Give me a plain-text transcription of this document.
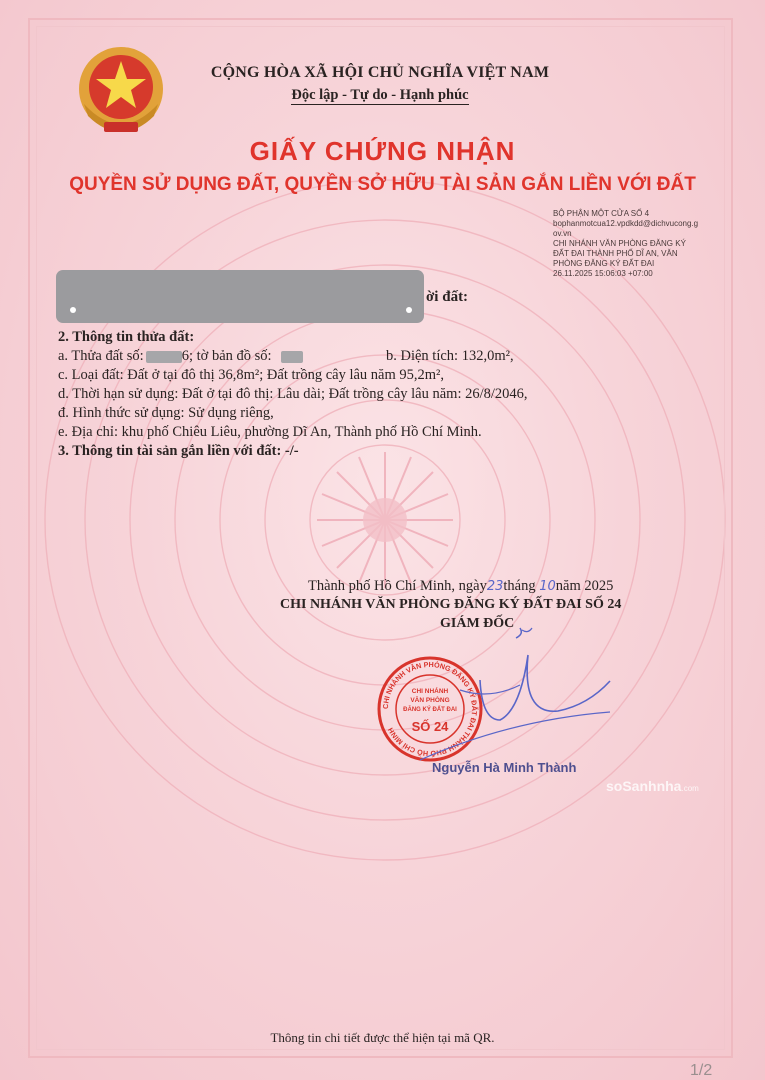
CỘNG HÒA XÃ HỘI CHỦ NGHĨA VIỆT NAM
Độc lập - Tự do - Hạnh phúc
GIẤY CHỨNG NHẬN
QUYỀN SỬ DỤNG ĐẤT, QUYỀN SỞ HỮU TÀI SẢN GẮN LIỀN VỚI ĐẤT
BỘ PHẬN MỘT CỬA SỐ 4
bophanmotcua12.vpdkdd@dichvucong.g
ov.vn
CHI NHÁNH VĂN PHÒNG ĐĂNG KÝ
ĐẤT ĐAI THÀNH PHỐ DĨ AN, VĂN
PHÒNG ĐĂNG KÝ ĐẤT ĐAI
26.11.2025 15:06:03 +07:00
ời đất:
2. Thông tin thửa đất:
a. Thửa đất số:	6; tờ bản đồ số:	b. Diện tích: 132,0m²,
c. Loại đất: Đất ở tại đô thị 36,8m²; Đất trồng cây lâu năm 95,2m²,
d. Thời hạn sử dụng: Đất ở tại đô thị: Lâu dài; Đất trồng cây lâu năm: 26/8/2046,
đ. Hình thức sử dụng: Sử dụng riêng,
e. Địa chỉ: khu phố Chiêu Liêu, phường Dĩ An, Thành phố Hồ Chí Minh.
3. Thông tin tài sản gắn liền với đất: -/-
Thành phố Hồ Chí Minh, ngày23tháng 10năm 2025
CHI NHÁNH VĂN PHÒNG ĐĂNG KÝ ĐẤT ĐAI SỐ 24
GIÁM ĐỐC
CHI NHÁNH VĂN PHÒNG ĐĂNG KÝ ĐẤT ĐAI THÀNH PHỐ HỒ CHÍ MINH
CHI NHÁNH
VĂN PHÒNG
ĐĂNG KÝ ĐẤT ĐAI
SỐ 24
Nguyễn Hà Minh Thành
soSanhnha.com
Thông tin chi tiết được thể hiện tại mã QR.
1/2
